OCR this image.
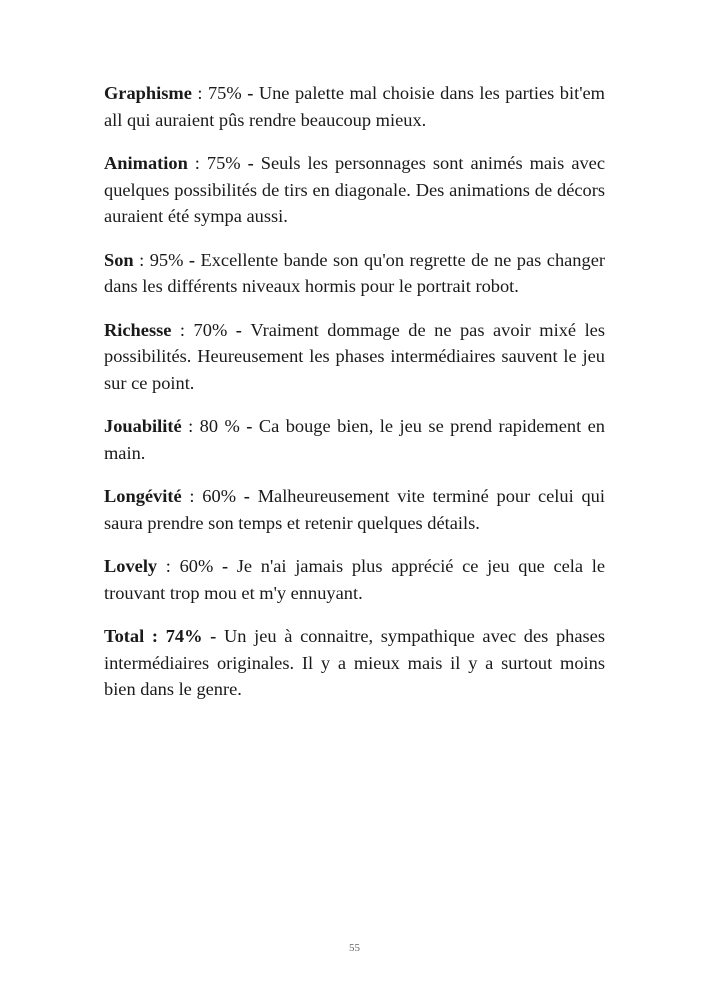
Graphisme : 75% - Une palette mal choisie dans les parties bit'em all qui auraient pûs rendre beaucoup mieux.

Animation : 75% - Seuls les personnages sont animés mais avec quelques possibilités de tirs en diagonale. Des animations de décors auraient été sympa aussi.

Son : 95% - Excellente bande son qu'on regrette de ne pas changer dans les différents niveaux hormis pour le portrait robot.

Richesse : 70% - Vraiment dommage de ne pas avoir mixé les possibilités. Heureusement les phases intermédiaires sauvent le jeu sur ce point.

Jouabilité : 80 % - Ca bouge bien, le jeu se prend rapidement en main.

Longévité : 60% - Malheureusement vite terminé pour celui qui saura prendre son temps et retenir quelques détails.

Lovely : 60% - Je n'ai jamais plus apprécié ce jeu que cela le trouvant trop mou et m'y ennuyant.

Total : 74% - Un jeu à connaitre, sympathique avec des phases intermédiaires originales. Il y a mieux mais il y a surtout moins bien dans le genre.

55
